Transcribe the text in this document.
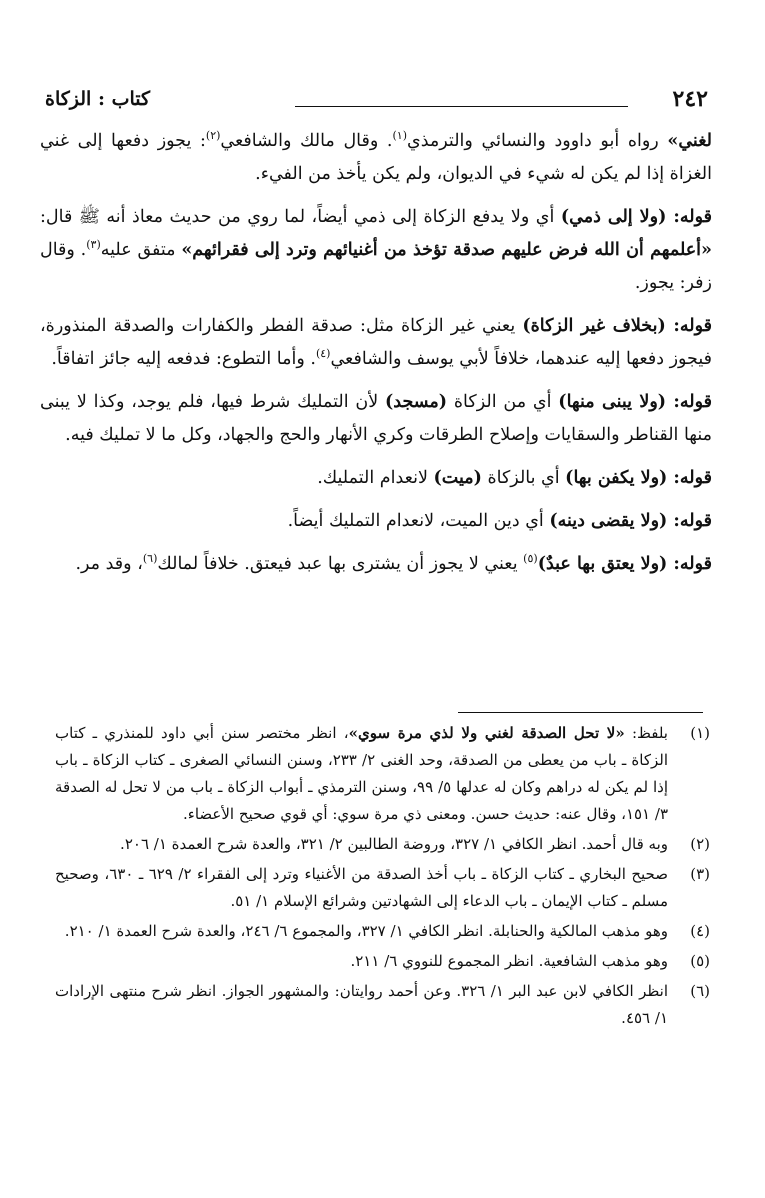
٢٤٢
كتاب : الزكاة

لغني» رواه أبو داوود والنسائي والترمذي$^{(١)}$. وقال مالك والشافعي$^{(٢)}$: يجوز دفعها إلى غني الغزاة إذا لم يكن له شيء في الديوان، ولم يكن يأخذ من الفيء.

قوله: (ولا إلى ذمي) أي ولا يدفع الزكاة إلى ذمي أيضاً، لما روي من حديث معاذ أنه ﷺ قال: «أعلمهم أن الله فرض عليهم صدقة تؤخذ من أغنيائهم وترد إلى فقرائهم» متفق عليه$^{(٣)}$. وقال زفر: يجوز.

قوله: (بخلاف غير الزكاة) يعني غير الزكاة مثل: صدقة الفطر والكفارات والصدقة المنذورة، فيجوز دفعها إليه عندهما، خلافاً لأبي يوسف والشافعي$^{(٤)}$. وأما التطوع: فدفعه إليه جائز اتفاقاً.

قوله: (ولا يبنى منها) أي من الزكاة (مسجد) لأن التمليك شرط فيها، فلم يوجد، وكذا لا يبنى منها القناطر والسقايات وإصلاح الطرقات وكري الأنهار والحج والجهاد، وكل ما لا تمليك فيه.

قوله: (ولا يكفن بها) أي بالزكاة (ميت) لانعدام التمليك.

قوله: (ولا يقضى دينه) أي دين الميت، لانعدام التمليك أيضاً.

قوله: (ولا يعتق بها عبدٌ)$^{(٥)}$ يعني لا يجوز أن يشترى بها عبد فيعتق. خلافاً لمالك$^{(٦)}$، وقد مر.

(١)
بلفظ: «لا تحل الصدقة لغني ولا لذي مرة سوي»، انظر مختصر سنن أبي داود للمنذري ـ كتاب الزكاة ـ باب من يعطى من الصدقة، وحد الغنى ٢/ ٢٣٣، وسنن النسائي الصغرى ـ كتاب الزكاة ـ باب إذا لم يكن له دراهم وكان له عدلها ٥/ ٩٩، وسنن الترمذي ـ أبواب الزكاة ـ باب من لا تحل له الصدقة ٣/ ١٥١، وقال عنه: حديث حسن. ومعنى ذي مرة سوي: أي قوي صحيح الأعضاء.
(٢)
وبه قال أحمد. انظر الكافي ١/ ٣٢٧، وروضة الطالبين ٢/ ٣٢١، والعدة شرح العمدة ١/ ٢٠٦.
(٣)
صحيح البخاري ـ كتاب الزكاة ـ باب أخذ الصدقة من الأغنياء وترد إلى الفقراء ٢/ ٦٢٩ ـ ٦٣٠، وصحيح مسلم ـ كتاب الإيمان ـ باب الدعاء إلى الشهادتين وشرائع الإسلام ١/ ٥١.
(٤)
وهو مذهب المالكية والحنابلة. انظر الكافي ١/ ٣٢٧، والمجموع ٦/ ٢٤٦، والعدة شرح العمدة ١/ ٢١٠.
(٥)
وهو مذهب الشافعية. انظر المجموع للنووي ٦/ ٢١١.
(٦)
انظر الكافي لابن عبد البر ١/ ٣٢٦. وعن أحمد روايتان: والمشهور الجواز. انظر شرح منتهى الإرادات ١/ ٤٥٦.
